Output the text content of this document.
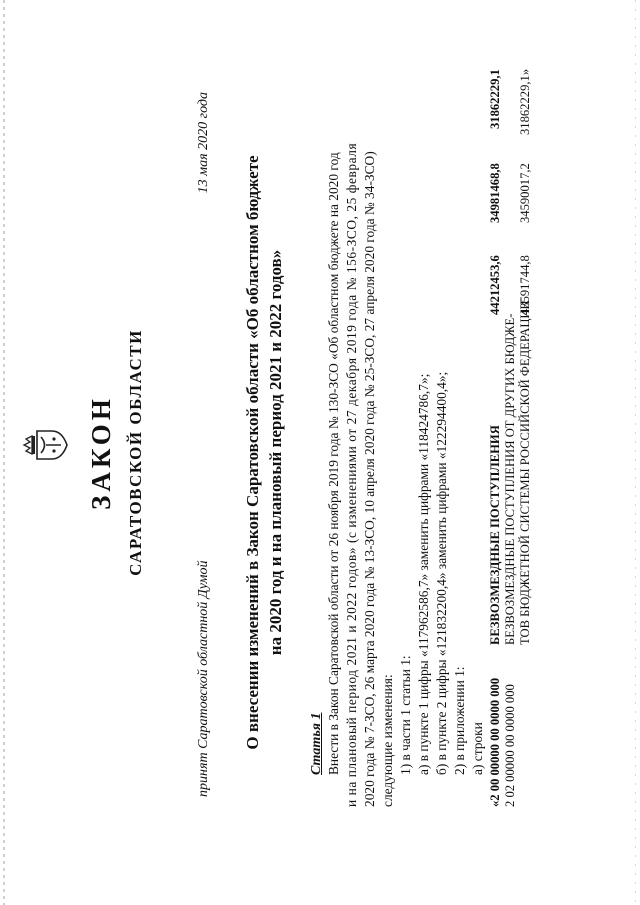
ЗАКОН САРАТОВСКОЙ ОБЛАСТИ
принят Саратовской областной Думой
13 мая 2020 года
О внесении изменений в Закон Саратовской области «Об областном бюджете на 2020 год и на плановый период 2021 и 2022 годов»
Статья 1 Внести в Закон Саратовской области от 26 ноября 2019 года № 130-ЗСО «Об областном бюджете на 2020 год и на плановый период 2021 и 2022 годов» (с изменениями от 27 декабря 2019 года № 156-ЗСО, 25 февраля 2020 года № 7-ЗСО, 26 марта 2020 года № 13-ЗСО, 10 апреля 2020 года № 25-ЗСО, 27 апреля 2020 года № 34-ЗСО) следующие изменения: 1) в части 1 статьи 1: а) в пункте 1 цифры «117962586,7» заменить цифрами «118424786,7»; б) в пункте 2 цифры «121832200,4» заменить цифрами «122294400,4»; 2) в приложении 1: а) строки «2 00 00000 00 0000 000
БЕЗВОЗМЕЗДНЫЕ ПОСТУПЛЕНИЯ
44212453,6
34981468,8
31862229,1
2 02 00000 00 0000 000
БЕЗВОЗМЕЗДНЫЕ ПОСТУПЛЕНИЯ ОТ ДРУГИХ БЮДЖЕ- ТОВ БЮДЖЕТНОЙ СИСТЕМЫ РОССИЙСКОЙ ФЕДЕРАЦИИ
43591744,8
34590017,2
31862229,1»
